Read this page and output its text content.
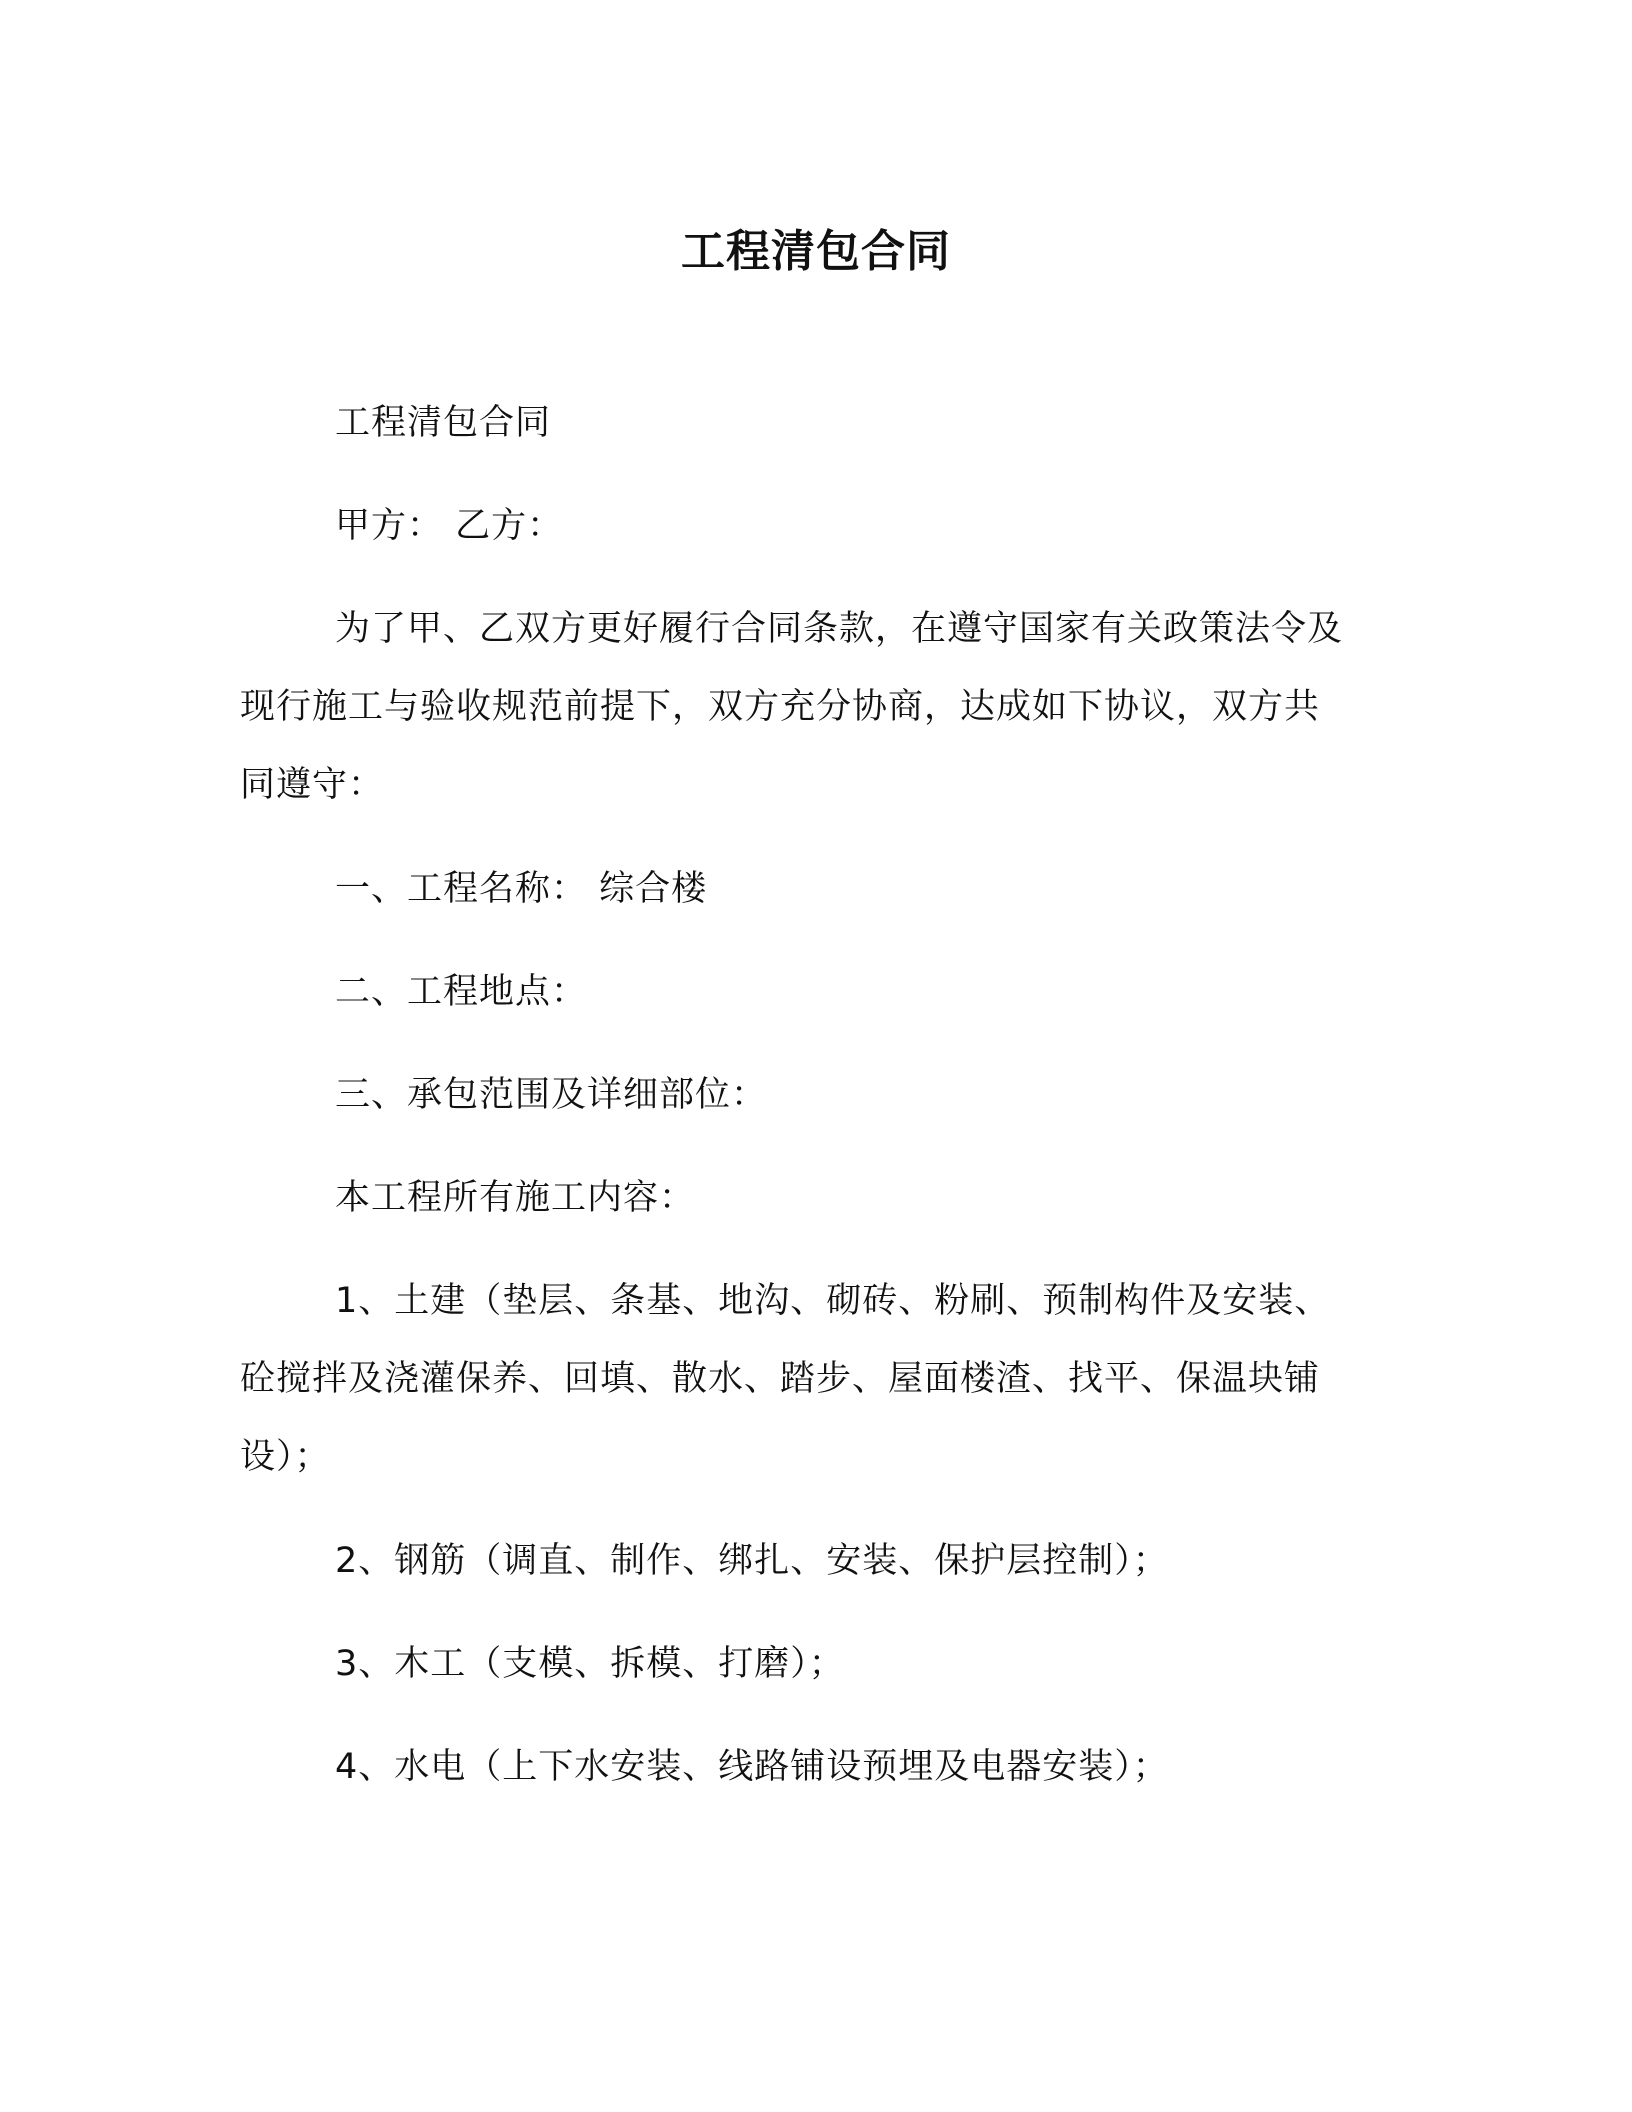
工程清包合同

工程清包合同

甲方： 乙方：

为了甲、乙双方更好履行合同条款，在遵守国家有关政策法令及
现行施工与验收规范前提下，双方充分协商，达成如下协议，双方共
同遵守：

一、工程名称： 综合楼

二、工程地点：

三、承包范围及详细部位：

本工程所有施工内容：

1、土建（垫层、条基、地沟、砌砖、粉刷、预制构件及安装、
砼搅拌及浇灌保养、回填、散水、踏步、屋面楼渣、找平、保温块铺
设）；

2、钢筋（调直、制作、绑扎、安装、保护层控制）；

3、木工（支模、拆模、打磨）；

4、水电（上下水安装、线路铺设预埋及电器安装）；
